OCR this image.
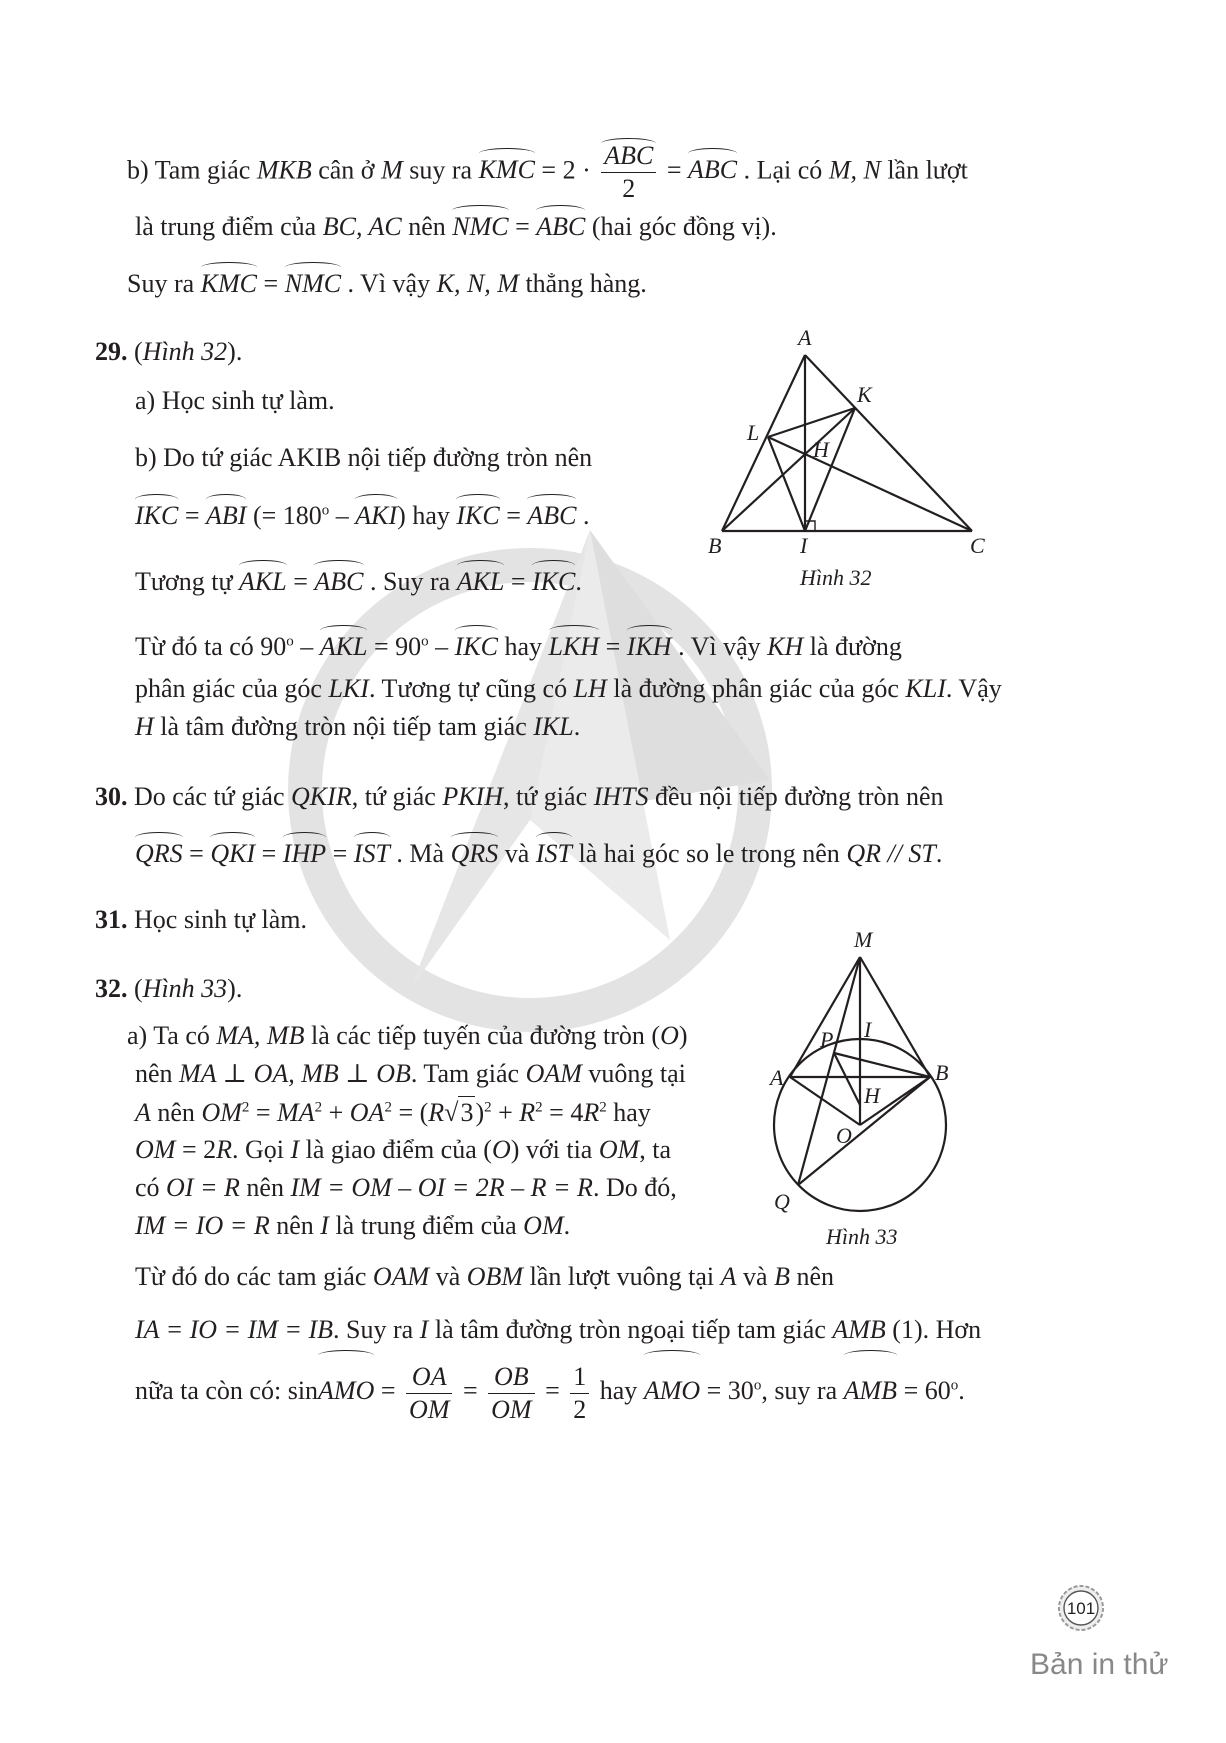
b) Tam giác MKB cân ở M suy ra KMC = $2 \cdot \frac{\text{ABC}}{2}$ = ABC . Lại có M, N lần lượt
là trung điểm của BC, AC nên NMC = ABC (hai góc đồng vị).
Suy ra KMC = NMC . Vì vậy K, N, M thẳng hàng.
29. (Hình 32).
a) Học sinh tự làm.
b) Do tứ giác AKIB nội tiếp đường tròn nên
IKC = ABI (= $180^o - AKI$) hay IKC = ABC .
Tương tự AKL = ABC . Suy ra AKL = IKC.
Từ đó ta có 90$^o$ – AKL = $90^o$ – IKC hay LKH = IKH . Vì vậy KH là đường
phân giác của góc LKI. Tương tự cũng có LH là đường phân giác của góc KLI. Vậy
H là tâm đường tròn nội tiếp tam giác IKL.
A
B	C
K
L
H
I
Hình 32
30. Do các tứ giác QKIR, tứ giác PKIH, tứ giác IHTS đều nội tiếp đường tròn nên
QRS = QKI = IHP = IST . Mà QRS và IST là hai góc so le trong nên QR // ST.
31. Học sinh tự làm.
32. (Hình 33).
a) Ta có MA, MB là các tiếp tuyến của đường tròn (O)
nên MA ⊥ OA, MB ⊥ OB. Tam giác OAM vuông tại
A nên $OM^2 = MA^2 + OA^2 = (R√3)^2 + R^2 = 4R^2$ hay
OM = 2R. Gọi I là giao điểm của (O) với tia OM, ta
có OI = R nên IM = OM – OI = 2R – R = R. Do đó,
IM = IO = R nên I là trung điểm của OM.
Từ đó do các tam giác OAM và OBM lần lượt vuông tại A và B nên
IA = IO = IM = IB. Suy ra I là tâm đường tròn ngoại tiếp tam giác AMB (1). Hơn
nữa ta còn có: sinAMO = $\frac{OA}{OM} = \frac{OB}{OM} = \frac{1}{2}$ hay AMO = $30^o$, suy ra AMB = $60^o$.
M
I
P
A	B
H
O
Q
Hình 33
101
Bản in thử
